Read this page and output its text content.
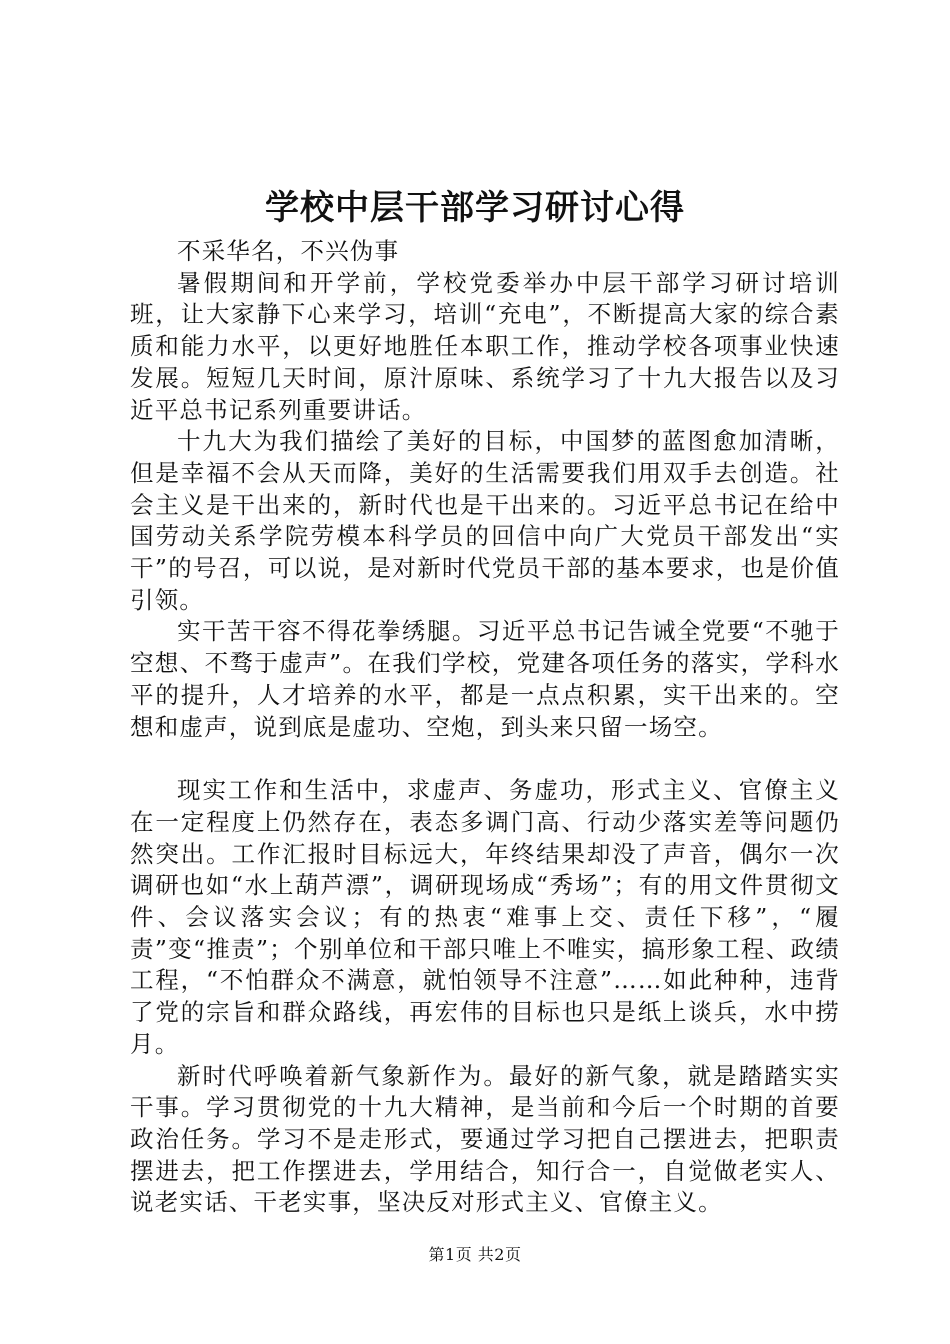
学校中层干部学习研讨心得

不采华名，不兴伪事

暑假期间和开学前，学校党委举办中层干部学习研讨培训班，让大家静下心来学习，培训“充电”，不断提高大家的综合素质和能力水平，以更好地胜任本职工作，推动学校各项事业快速发展。短短几天时间，原汁原味、系统学习了十九大报告以及习近平总书记系列重要讲话。

十九大为我们描绘了美好的目标，中国梦的蓝图愈加清晰，但是幸福不会从天而降，美好的生活需要我们用双手去创造。社会主义是干出来的，新时代也是干出来的。习近平总书记在给中国劳动关系学院劳模本科学员的回信中向广大党员干部发出“实干”的号召，可以说，是对新时代党员干部的基本要求，也是价值引领。

实干苦干容不得花拳绣腿。习近平总书记告诫全党要“不驰于空想、不骛于虚声”。在我们学校，党建各项任务的落实，学科水平的提升，人才培养的水平，都是一点点积累，实干出来的。空想和虚声，说到底是虚功、空炮，到头来只留一场空。

现实工作和生活中，求虚声、务虚功，形式主义、官僚主义在一定程度上仍然存在，表态多调门高、行动少落实差等问题仍然突出。工作汇报时目标远大，年终结果却没了声音，偶尔一次调研也如“水上葫芦漂”，调研现场成“秀场”；有的用文件贯彻文件、会议落实会议；有的热衷“难事上交、责任下移”，“履责”变“推责”；个别单位和干部只唯上不唯实，搞形象工程、政绩工程，“不怕群众不满意，就怕领导不注意”……如此种种，违背了党的宗旨和群众路线，再宏伟的目标也只是纸上谈兵，水中捞月。

新时代呼唤着新气象新作为。最好的新气象，就是踏踏实实干事。学习贯彻党的十九大精神，是当前和今后一个时期的首要政治任务。学习不是走形式，要通过学习把自己摆进去，把职责摆进去，把工作摆进去，学用结合，知行合一，自觉做老实人、说老实话、干老实事，坚决反对形式主义、官僚主义。

第1页 共2页
